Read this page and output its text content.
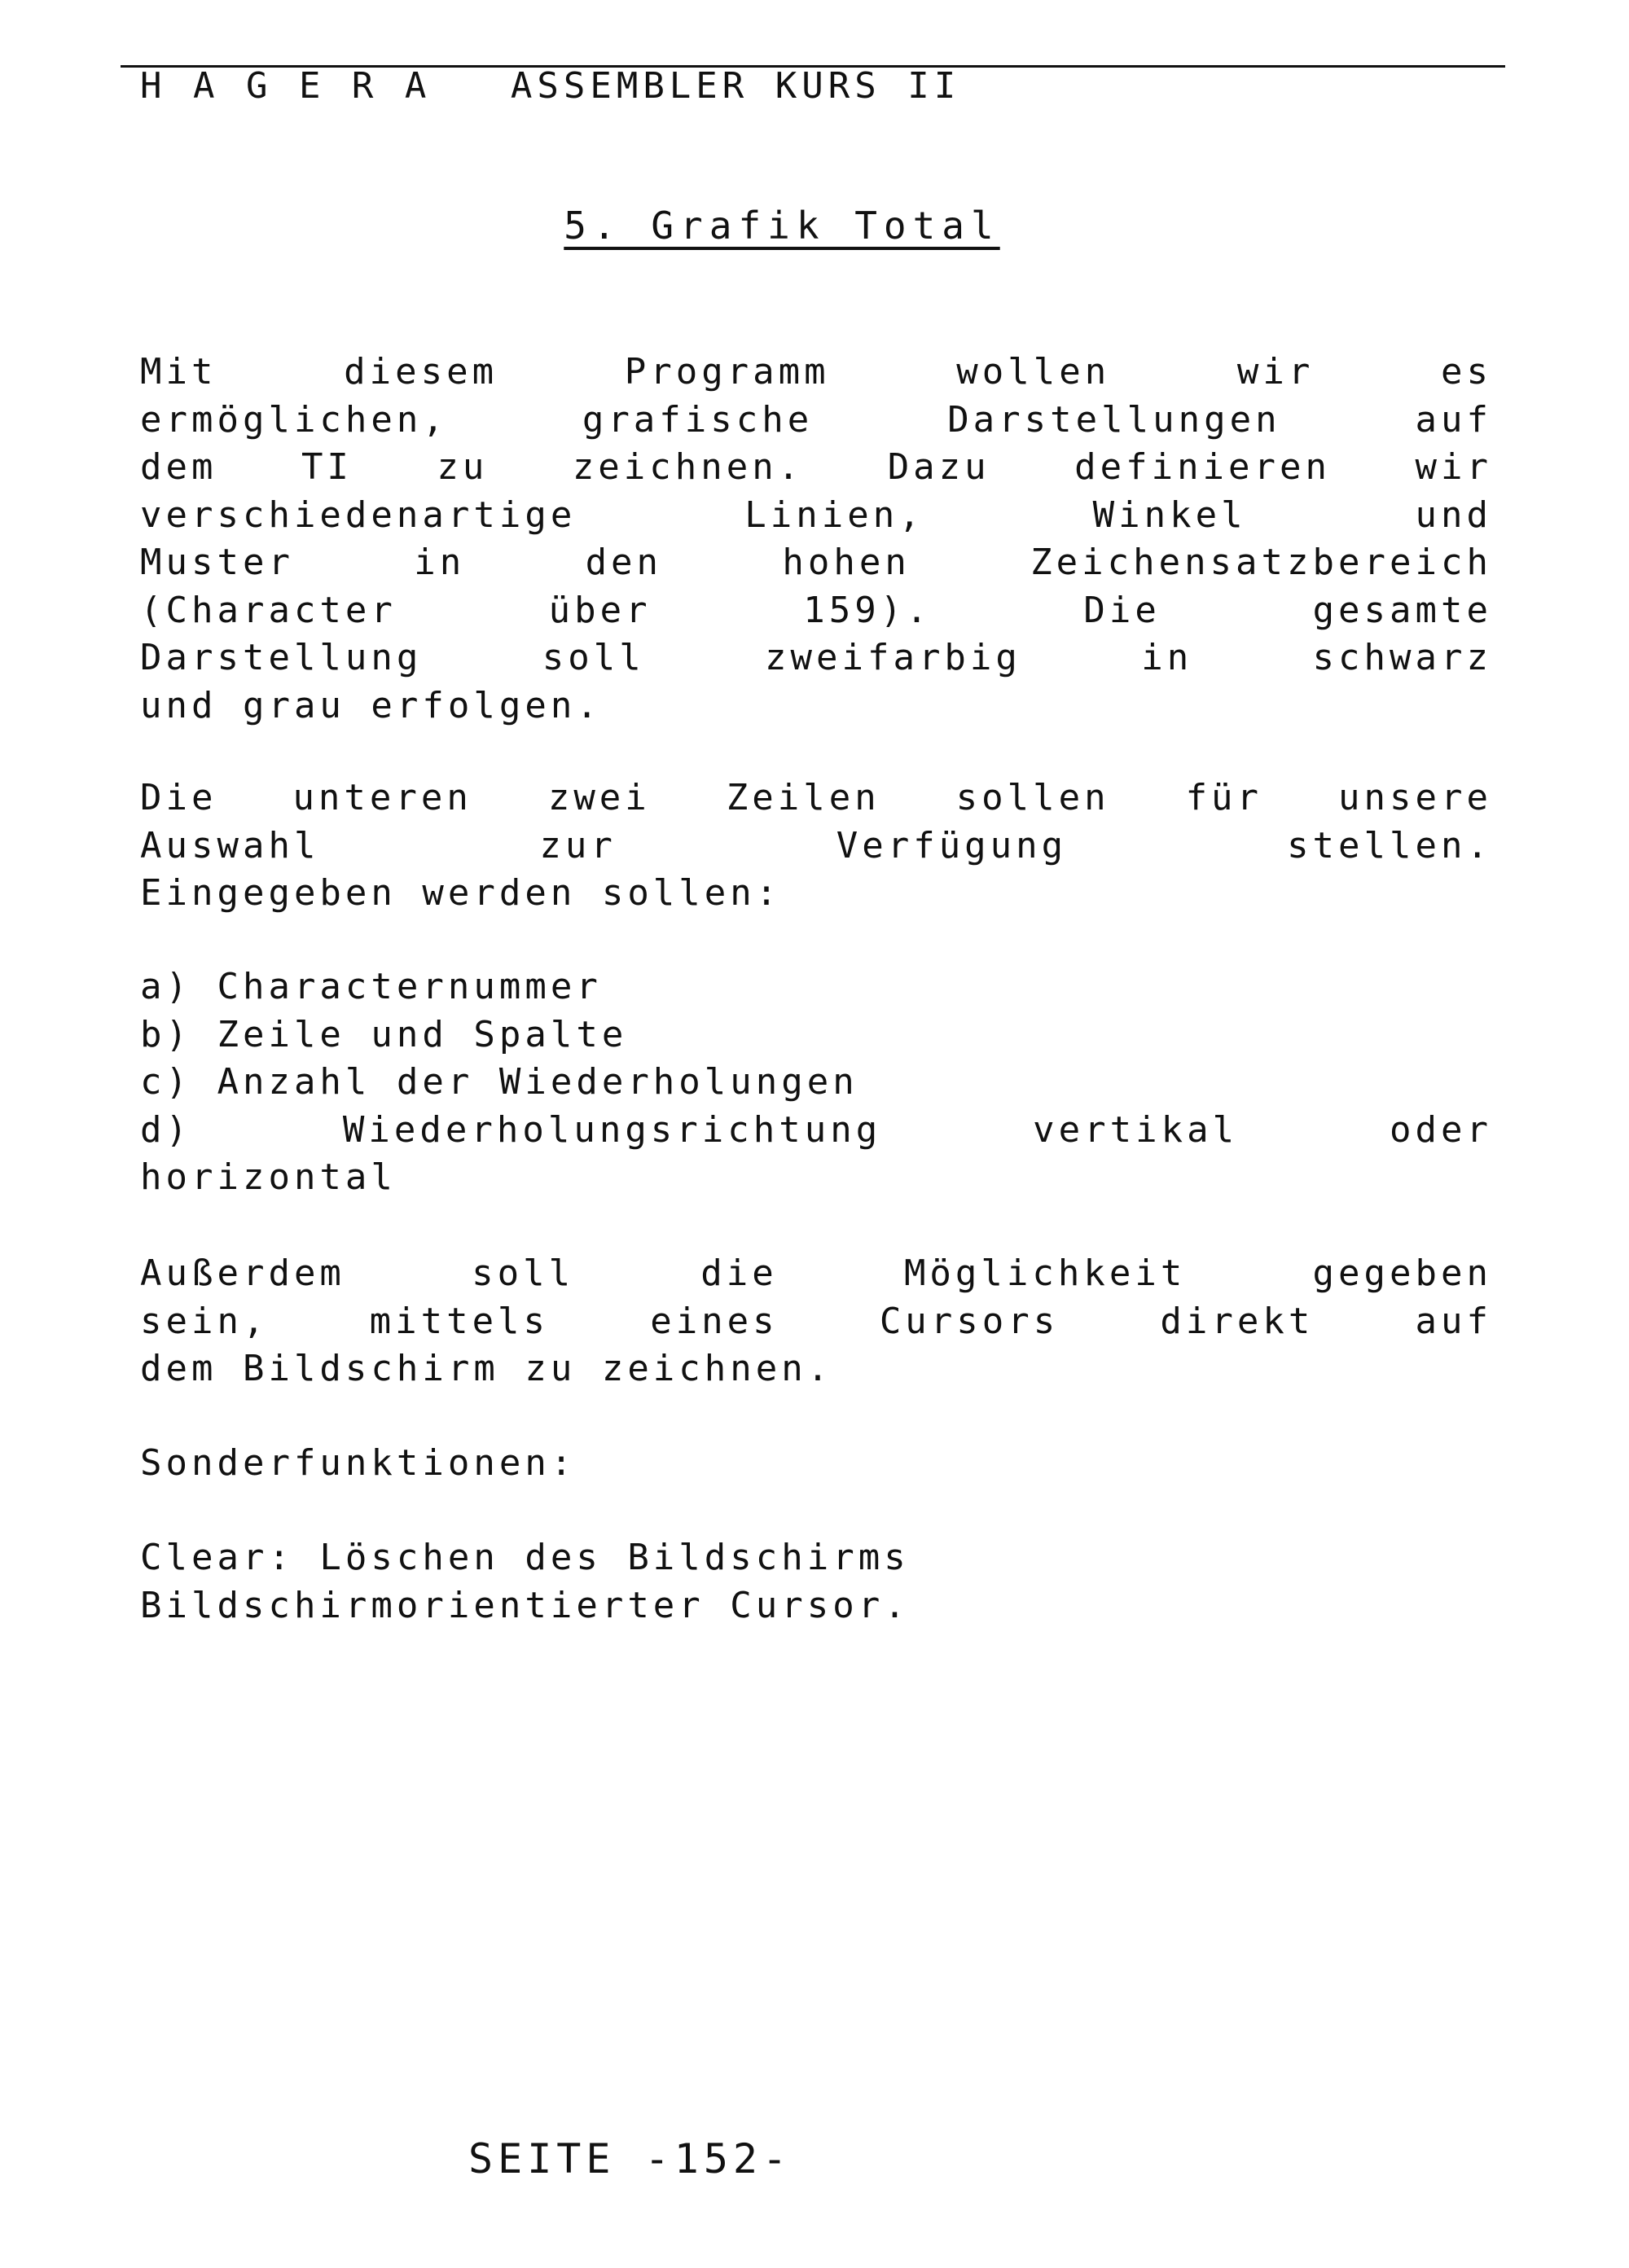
H A G E R A   ASSEMBLER KURS II
5. Grafik Total
Mit	diesem	Programm	wollen	wir	es
ermöglichen,	grafische	Darstellungen	auf
dem TI zu zeichnen. Dazu definieren wir
verschiedenartige	Linien,	Winkel	und
Muster	in	den	hohen	Zeichensatzbereich
(Character	über	159).	Die	gesamte
Darstellung	soll	zweifarbig	in	schwarz
und grau erfolgen.
Die unteren zwei Zeilen sollen für unsere
Auswahl	zur	Verfügung	stellen.
Eingegeben werden sollen:
a) Characternummer
b) Zeile und Spalte
c) Anzahl der Wiederholungen
d)	Wiederholungsrichtung	vertikal	oder
horizontal
Außerdem	soll	die	Möglichkeit	gegeben
sein,	mittels	eines	Cursors	direkt	auf
dem Bildschirm zu zeichnen.
Sonderfunktionen:
Clear: Löschen des Bildschirms
Bildschirmorientierter Cursor.
SEITE -152-
